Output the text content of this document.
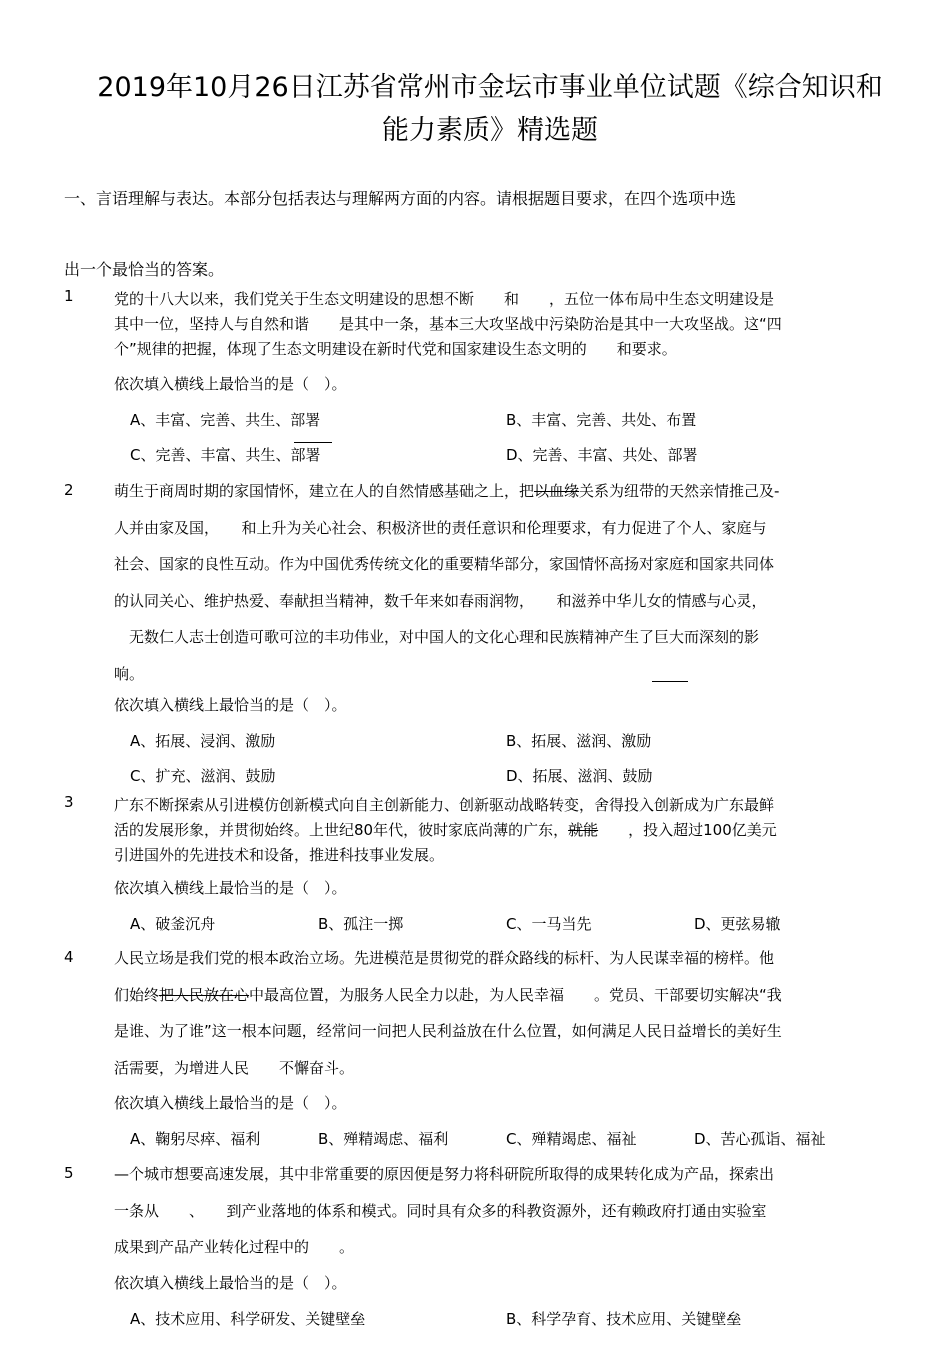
2019年10月26日江苏省常州市金坛市事业单位试题《综合知识和
能力素质》精选题
一、言语理解与表达。本部分包括表达与理解两方面的内容。请根据题目要求，在四个选项中选
出一个最恰当的答案。
1	党的十八大以来，我们党关于生态文明建设的思想不断　　和　　，五位一体布局中生态文明建设是
其中一位，坚持人与自然和谐　　是其中一条，基本三大攻坚战中污染防治是其中一大攻坚战。这“四
个”规律的把握，体现了生态文明建设在新时代党和国家建设生态文明的　　和要求。
依次填入横线上最恰当的是（　）。
A、丰富、完善、共生、部署	B、丰富、完善、共处、布置
C、完善、丰富、共生、部署	D、完善、丰富、共处、部署
2	萌生于商周时期的家国情怀，建立在人的自然情感基础之上，把以血缘关系为纽带的天然亲情推己及-
人并由家及国，　　和上升为关心社会、积极济世的责任意识和伦理要求，有力促进了个人、家庭与
社会、国家的良性互动。作为中国优秀传统文化的重要精华部分，家国情怀高扬对家庭和国家共同体
的认同关心、维护热爱、奉献担当精神，数千年来如春雨润物，　　和滋养中华儿女的情感与心灵，
　无数仁人志士创造可歌可泣的丰功伟业，对中国人的文化心理和民族精神产生了巨大而深刻的影
响。
依次填入横线上最恰当的是（　）。
A、拓展、浸润、激励	B、拓展、滋润、激励
C、扩充、滋润、鼓励	D、拓展、滋润、鼓励
3	广东不断探索从引进模仿创新模式向自主创新能力、创新驱动战略转变，舍得投入创新成为广东最鲜
活的发展形象，并贯彻始终。上世纪80年代，彼时家底尚薄的广东，就能　　，投入超过100亿美元
引进国外的先进技术和设备，推进科技事业发展。
依次填入横线上最恰当的是（　）。
A、破釜沉舟	B、孤注一掷	C、一马当先	D、更弦易辙
4	人民立场是我们党的根本政治立场。先进模范是贯彻党的群众路线的标杆、为人民谋幸福的榜样。他
们始终把人民放在心中最高位置，为服务人民全力以赴，为人民幸福　　。党员、干部要切实解决“我
是谁、为了谁”这一根本问题，经常问一问把人民利益放在什么位置，如何满足人民日益增长的美好生
活需要，为增进人民　　不懈奋斗。
依次填入横线上最恰当的是（　）。
A、鞠躬尽瘁、福利	B、殚精竭虑、福利	C、殚精竭虑、福祉	D、苦心孤诣、福祉
5	—个城市想要高速发展，其中非常重要的原因便是努力将科研院所取得的成果转化成为产品，探索出
一条从　　、　　到产业落地的体系和模式。同时具有众多的科教资源外，还有赖政府打通由实验室
成果到产品产业转化过程中的　　。
依次填入横线上最恰当的是（　）。
A、技术应用、科学研发、关键壁垒	B、科学孕育、技术应用、关键壁垒
